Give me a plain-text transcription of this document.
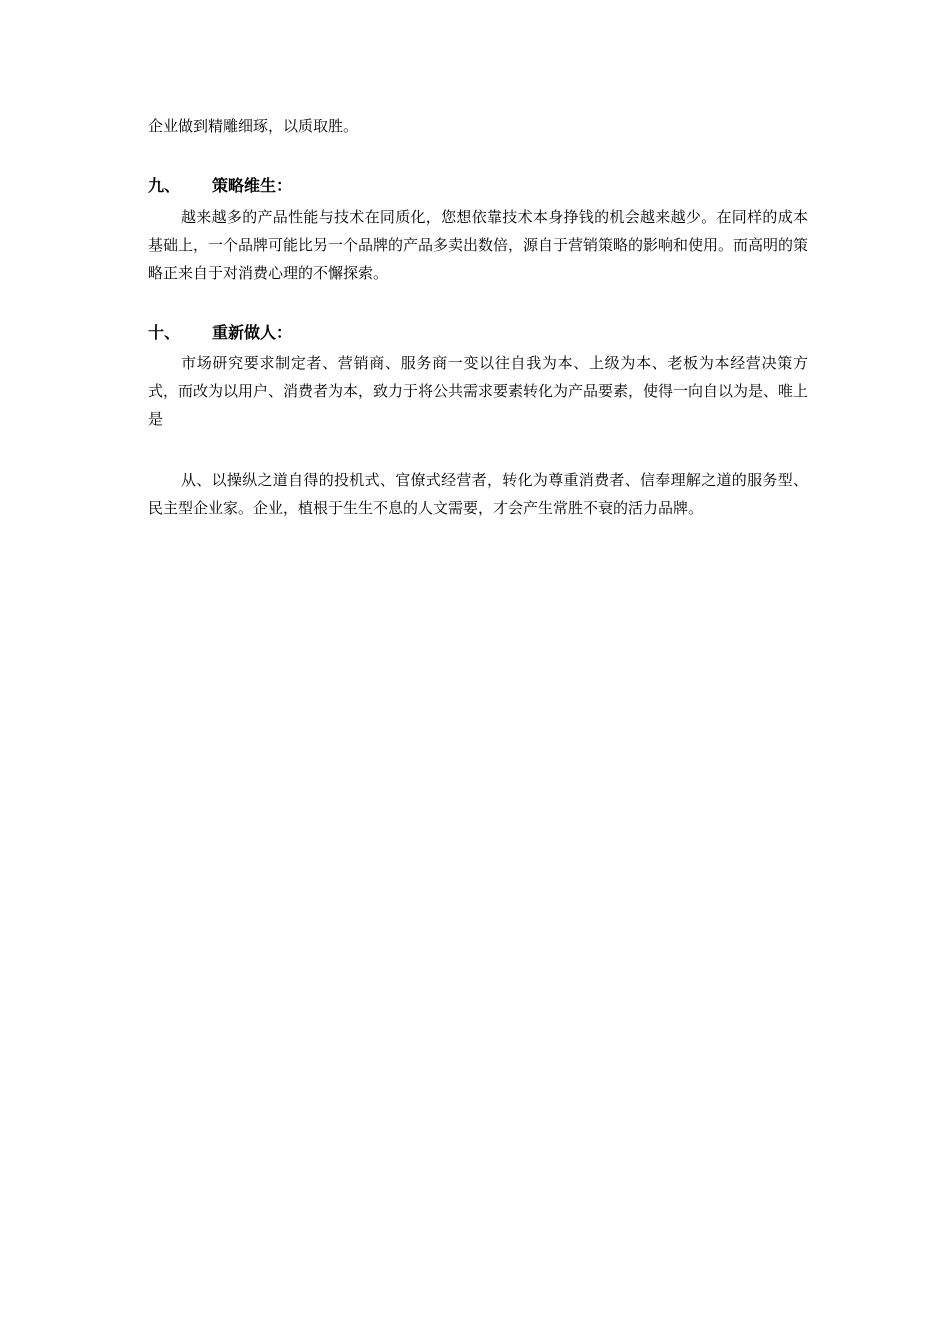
企业做到精雕细琢，以质取胜。

九、 策略维生：

越来越多的产品性能与技术在同质化，您想依靠技术本身挣钱的机会越来越少。在同样的成本基础上，一个品牌可能比另一个品牌的产品多卖出数倍，源自于营销策略的影响和使用。而高明的策略正来自于对消费心理的不懈探索。

十、 重新做人：

市场研究要求制定者、营销商、服务商一变以往自我为本、上级为本、老板为本经营决策方式，而改为以用户、消费者为本，致力于将公共需求要素转化为产品要素，使得一向自以为是、唯上是

从、以操纵之道自得的投机式、官僚式经营者，转化为尊重消费者、信奉理解之道的服务型、民主型企业家。企业，植根于生生不息的人文需要，才会产生常胜不衰的活力品牌。
